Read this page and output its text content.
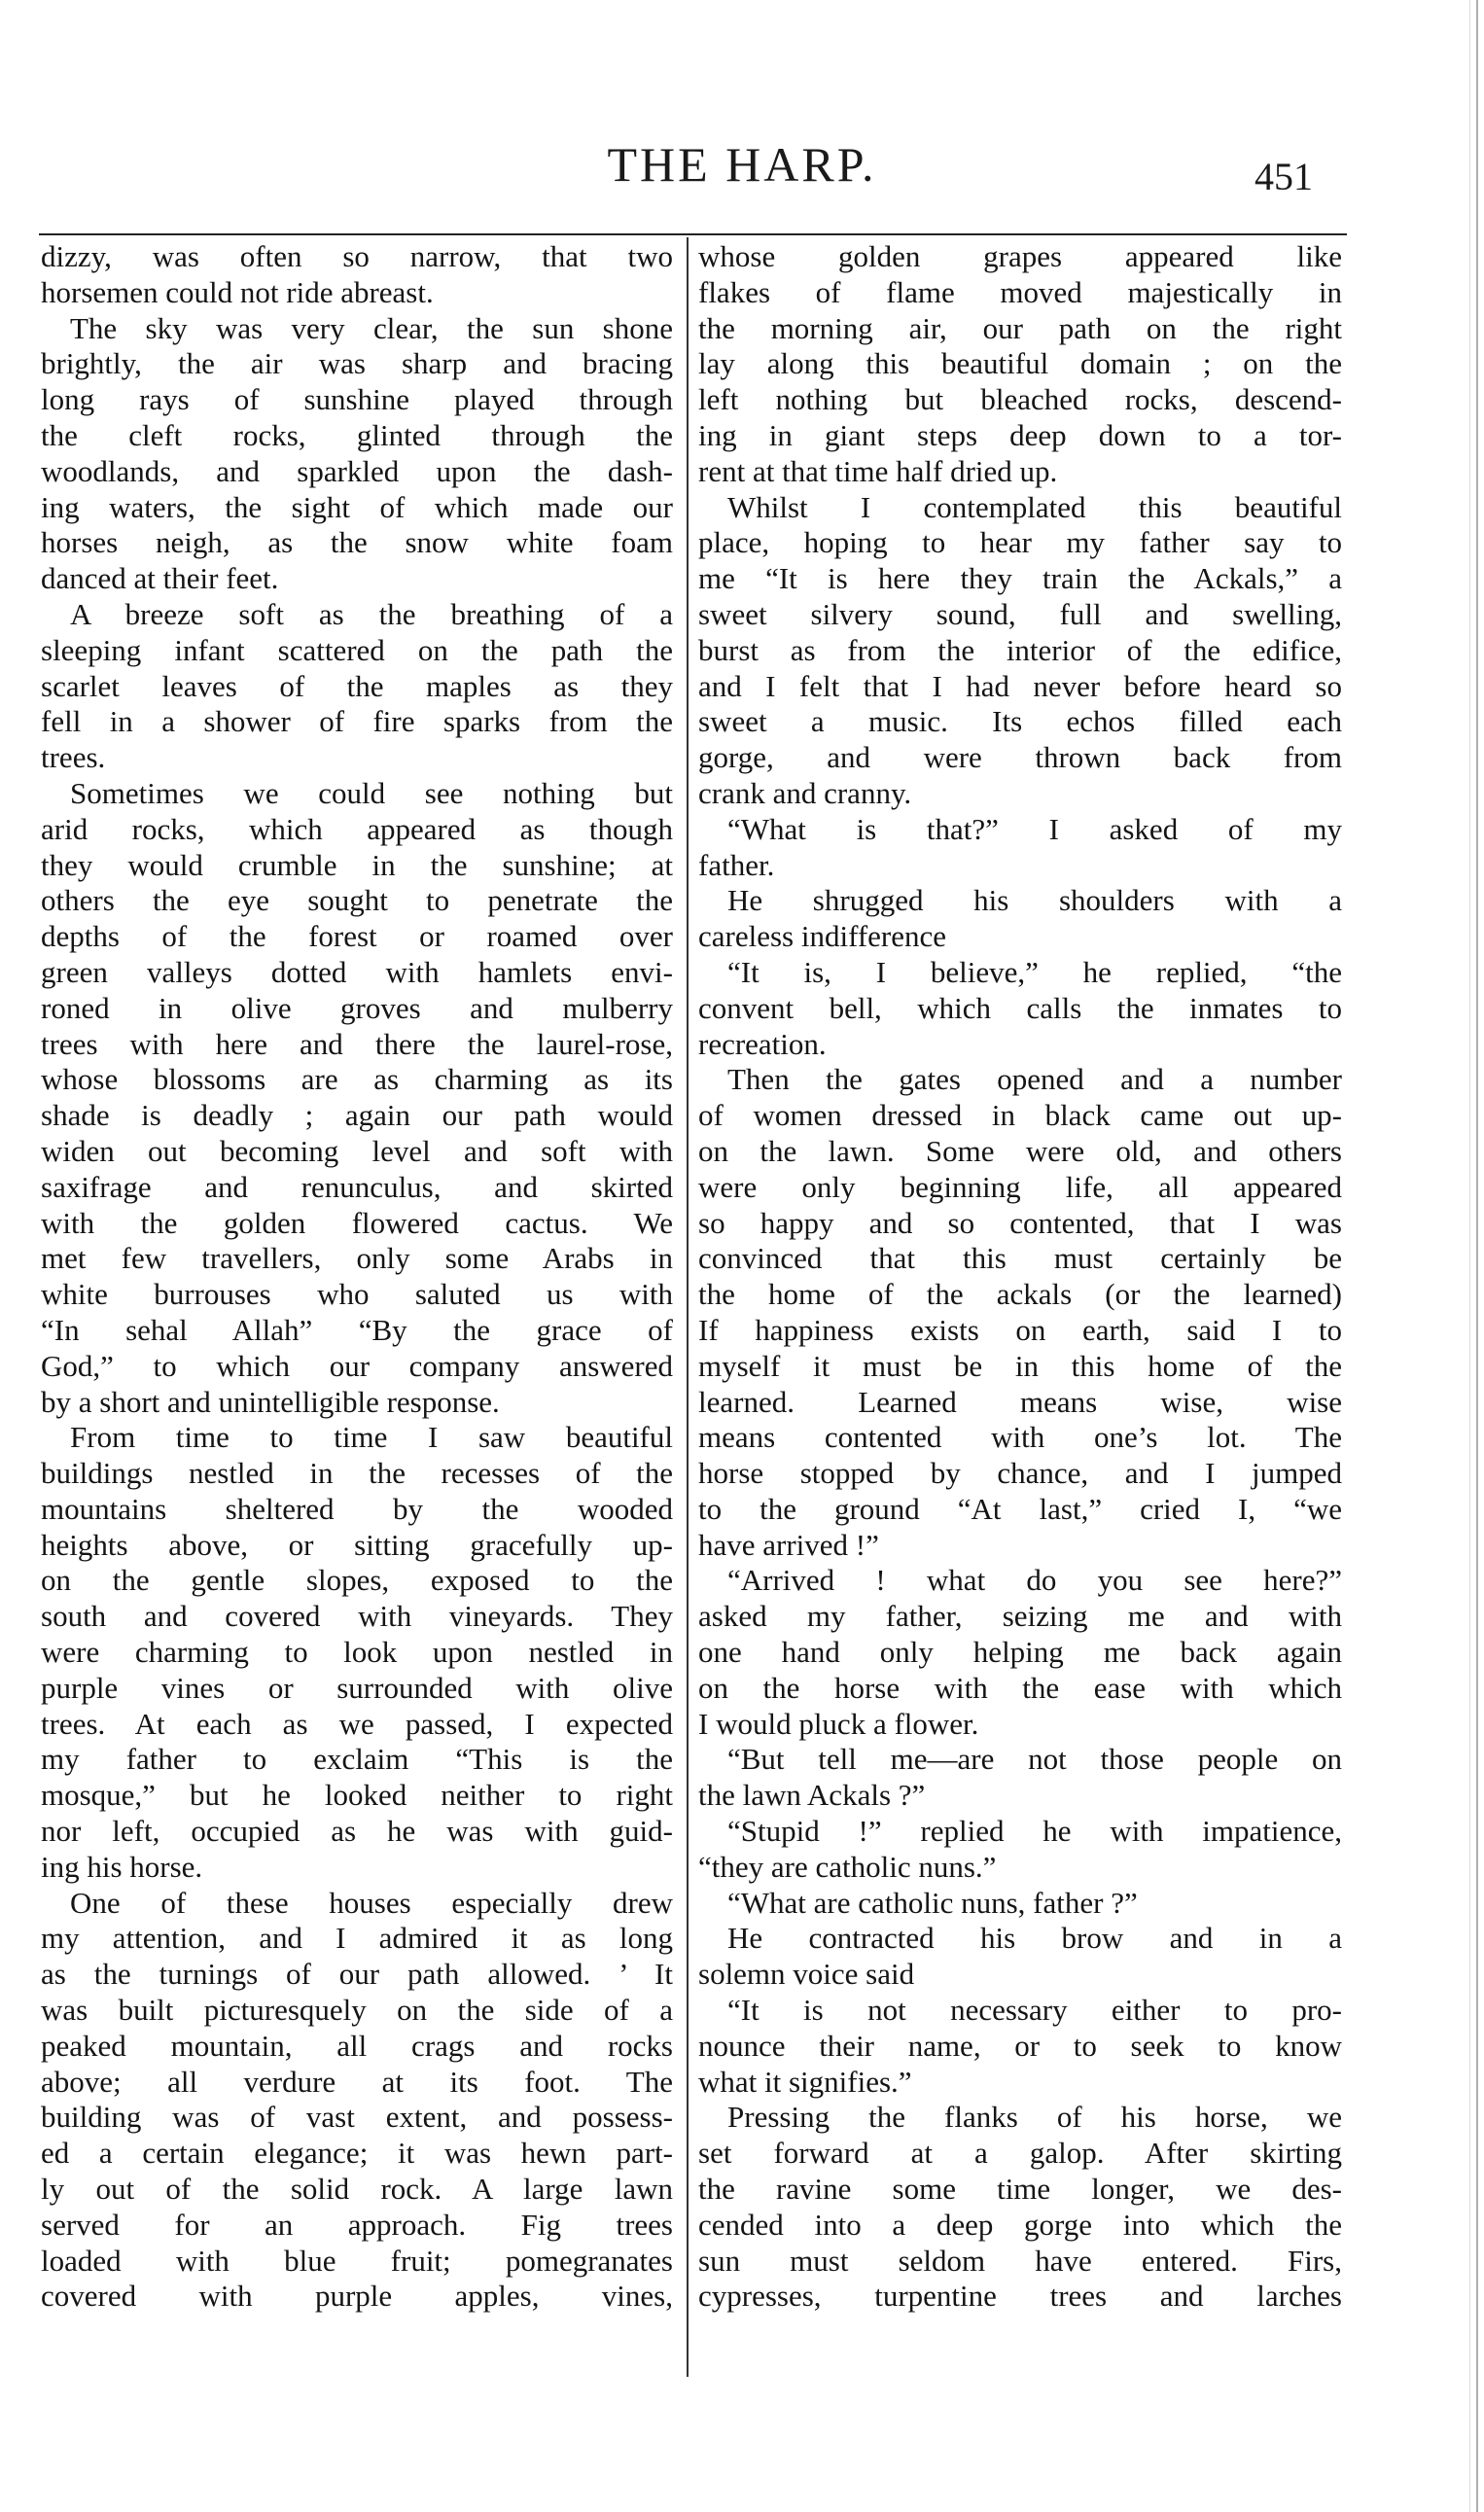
THE HARP.	451
dizzy, was often so narrow, that two
horsemen could not ride abreast.
The sky was very clear, the sun shone
brightly, the air was sharp and bracing
long rays of sunshine played through
the cleft rocks, glinted through the
woodlands, and sparkled upon the dash-
ing waters, the sight of which made our
horses neigh, as the snow white foam
danced at their feet.
A breeze soft as the breathing of a
sleeping infant scattered on the path the
scarlet leaves of the maples as they
fell in a shower of fire sparks from the
trees.
Sometimes we could see nothing but
arid rocks, which appeared as though
they would crumble in the sunshine; at
others the eye sought to penetrate the
depths of the forest or roamed over
green valleys dotted with hamlets envi-
roned in olive groves and mulberry
trees with here and there the laurel-rose,
whose blossoms are as charming as its
shade is deadly ; again our path would
widen out becoming level and soft with
saxifrage and renunculus, and skirted
with the golden flowered cactus. We
met few travellers, only some Arabs in
white burrouses who saluted us with
“In sehal Allah” “By the grace of
God,” to which our company answered
by a short and unintelligible response.
From time to time I saw beautiful
buildings nestled in the recesses of the
mountains sheltered by the wooded
heights above, or sitting gracefully up-
on the gentle slopes, exposed to the
south and covered with vineyards. They
were charming to look upon nestled in
purple vines or surrounded with olive
trees. At each as we passed, I expected
my father to exclaim “This is the
mosque,” but he looked neither to right
nor left, occupied as he was with guid-
ing his horse.
One of these houses especially drew
my attention, and I admired it as long
as the turnings of our path allowed. ’ It
was built picturesquely on the side of a
peaked mountain, all crags and rocks
above; all verdure at its foot. The
building was of vast extent, and possess-
ed a certain elegance; it was hewn part-
ly out of the solid rock. A large lawn
served for an approach. Fig trees
loaded with blue fruit; pomegranates
covered with purple apples, vines,
whose golden grapes appeared like
flakes of flame moved majestically in
the morning air, our path on the right
lay along this beautiful domain ; on the
left nothing but bleached rocks, descend-
ing in giant steps deep down to a tor-
rent at that time half dried up.
Whilst I contemplated this beautiful
place, hoping to hear my father say to
me “It is here they train the Ackals,” a
sweet silvery sound, full and swelling,
burst as from the interior of the edifice,
and I felt that I had never before heard so
sweet a music. Its echos filled each
gorge, and were thrown back from
crank and cranny.
“What is that?” I asked of my
father.
He shrugged his shoulders with a
careless indifference
“It is, I believe,” he replied, “the
convent bell, which calls the inmates to
recreation.
Then the gates opened and a number
of women dressed in black came out up-
on the lawn. Some were old, and others
were only beginning life, all appeared
so happy and so contented, that I was
convinced that this must certainly be
the home of the ackals (or the learned)
If happiness exists on earth, said I to
myself it must be in this home of the
learned. Learned means wise, wise
means contented with one’s lot. The
horse stopped by chance, and I jumped
to the ground “At last,” cried I, “we
have arrived !”
“Arrived ! what do you see here?”
asked my father, seizing me and with
one hand only helping me back again
on the horse with the ease with which
I would pluck a flower.
“But tell me—are not those people on
the lawn Ackals ?”
“Stupid !” replied he with impatience,
“they are catholic nuns.”
“What are catholic nuns, father ?”
He contracted his brow and in a
solemn voice said
“It is not necessary either to pro-
nounce their name, or to seek to know
what it signifies.”
Pressing the flanks of his horse, we
set forward at a galop. After skirting
the ravine some time longer, we des-
cended into a deep gorge into which the
sun must seldom have entered. Firs,
cypresses, turpentine trees and larches
